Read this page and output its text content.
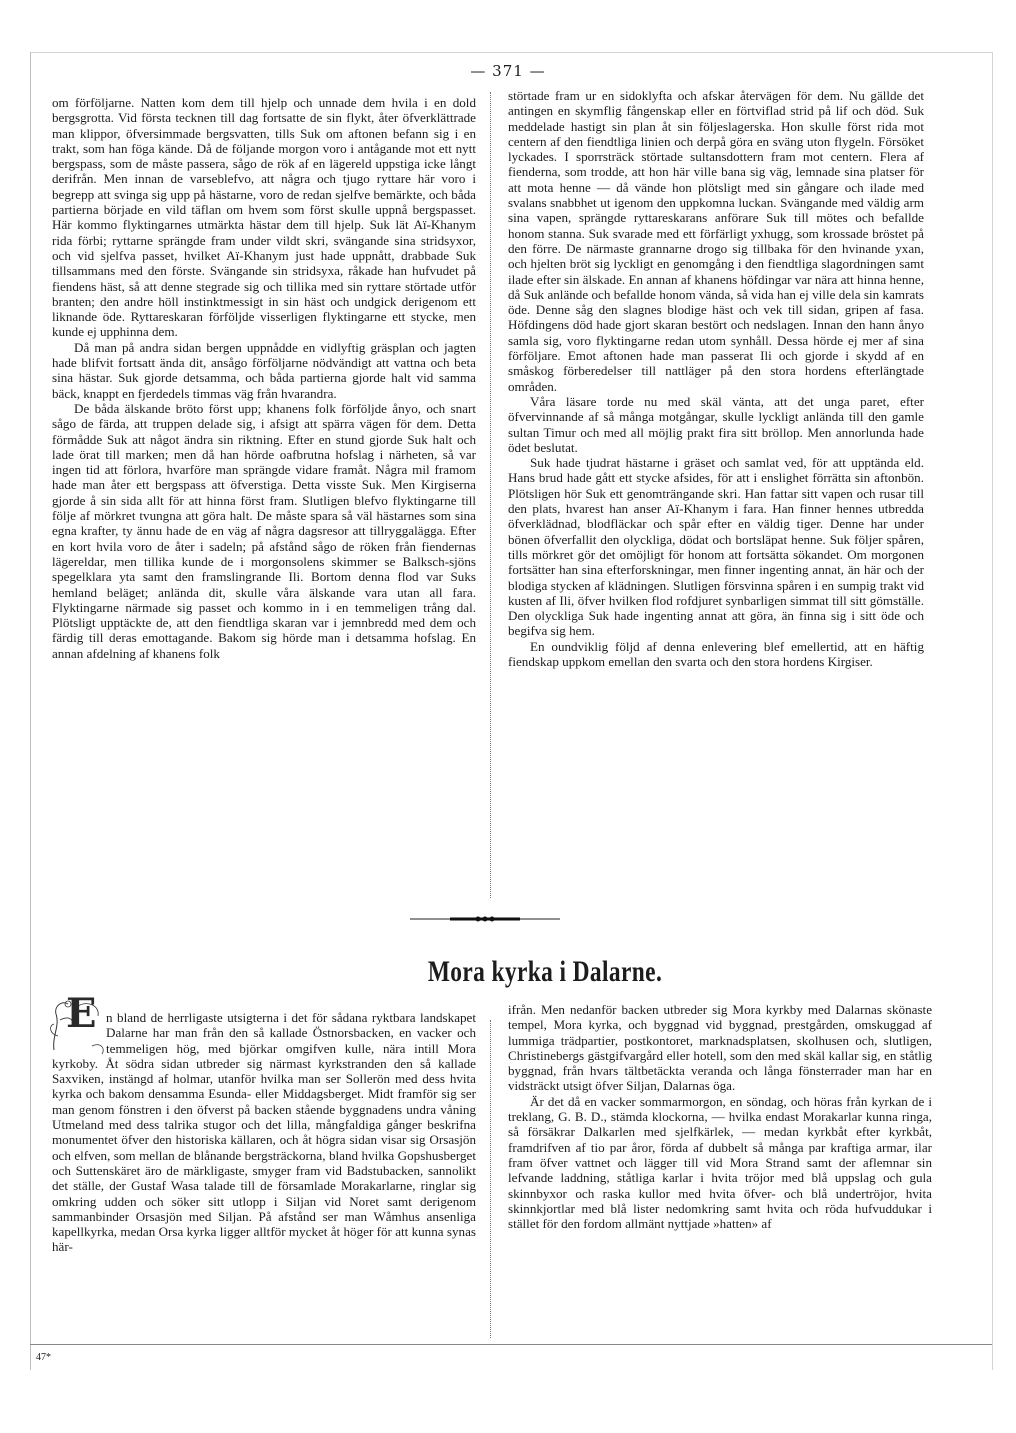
— 371 —

om förföljarne. Natten kom dem till hjelp och unnade dem hvila i en dold bergsgrotta. Vid första tecknen till dag fortsatte de sin flykt, åter öfverklättrade man klippor, öfversimmade bergsvatten, tills Suk om aftonen befann sig i en trakt, som han föga kände. Då de följande morgon voro i antågande mot ett nytt bergspass, som de måste passera, sågo de rök af en lägereld uppstiga icke långt derifrån. Men innan de varseblefvo, att några och tjugo ryttare här voro i begrepp att svinga sig upp på hästarne, voro de redan sjelfve bemärkte, och båda partierna började en vild täflan om hvem som först skulle uppnå bergspasset. Här kommo flyktingarnes utmärkta hästar dem till hjelp. Suk lät Aï-Khanym rida förbi; ryttarne sprängde fram under vildt skri, svängande sina stridsyxor, och vid sjelfva passet, hvilket Aï-Khanym just hade uppnått, drabbade Suk tillsammans med den förste. Svängande sin stridsyxa, råkade han hufvudet på fiendens häst, så att denne stegrade sig och tillika med sin ryttare störtade utför branten; den andre höll instinktmessigt in sin häst och undgick derigenom ett liknande öde. Ryttareskaran förföljde visserligen flyktingarne ett stycke, men kunde ej upphinna dem.

Då man på andra sidan bergen uppnådde en vidlyftig gräsplan och jagten hade blifvit fortsatt ända dit, ansågo förföljarne nödvändigt att vattna och beta sina hästar. Suk gjorde detsamma, och båda partierna gjorde halt vid samma bäck, knappt en fjerdedels timmas väg från hvarandra.

De båda älskande bröto först upp; khanens folk förföljde ånyo, och snart sågo de färda, att truppen delade sig, i afsigt att spärra vägen för dem. Detta förmådde Suk att något ändra sin riktning. Efter en stund gjorde Suk halt och lade örat till marken; men då han hörde oafbrutna hofslag i närheten, så var ingen tid att förlora, hvarföre man sprängde vidare framåt. Några mil framom hade man åter ett bergspass att öfverstiga. Detta visste Suk. Men Kirgiserna gjorde å sin sida allt för att hinna först fram. Slutligen blefvo flyktingarne till följe af mörkret tvungna att göra halt. De måste spara så väl hästarnes som sina egna krafter, ty ännu hade de en väg af några dagsresor att tillryggalägga. Efter en kort hvila voro de åter i sadeln; på afstånd sågo de röken från fiendernas lägereldar, men tillika kunde de i morgonsolens skimmer se Balksch-sjöns spegelklara yta samt den framslingrande Ili. Bortom denna flod var Suks hemland beläget; anlända dit, skulle våra älskande vara utan all fara. Flyktingarne närmade sig passet och kommo in i en temmeligen trång dal. Plötsligt upptäckte de, att den fiendtliga skaran var i jemnbredd med dem och färdig till deras emottagande. Bakom sig hörde man i detsamma hofslag. En annan afdelning af khanens folk

störtade fram ur en sidoklyfta och afskar återvägen för dem. Nu gällde det antingen en skymflig fångenskap eller en förtviflad strid på lif och död. Suk meddelade hastigt sin plan åt sin följeslagerska. Hon skulle först rida mot centern af den fiendtliga linien och derpå göra en sväng uton flygeln. Försöket lyckades. I sporrsträck störtade sultansdottern fram mot centern. Flera af fienderna, som trodde, att hon här ville bana sig väg, lemnade sina platser för att mota henne — då vände hon plötsligt med sin gångare och ilade med svalans snabbhet ut igenom den uppkomna luckan. Svängande med väldig arm sina vapen, sprängde ryttareskarans anförare Suk till mötes och befallde honom stanna. Suk svarade med ett förfärligt yxhugg, som krossade bröstet på den förre. De närmaste grannarne drogo sig tillbaka för den hvinande yxan, och hjelten bröt sig lyckligt en genomgång i den fiendtliga slagordningen samt ilade efter sin älskade. En annan af khanens höfdingar var nära att hinna henne, då Suk anlände och befallde honom vända, så vida han ej ville dela sin kamrats öde. Denne såg den slagnes blodige häst och vek till sidan, gripen af fasa. Höfdingens död hade gjort skaran bestört och nedslagen. Innan den hann ånyo samla sig, voro flyktingarne redan utom synhåll. Dessa hörde ej mer af sina förföljare. Emot aftonen hade man passerat Ili och gjorde i skydd af en småskog förberedelser till nattläger på den stora hordens efterlängtade områden.

Våra läsare torde nu med skäl vänta, att det unga paret, efter öfvervinnande af så många motgångar, skulle lyckligt anlända till den gamle sultan Timur och med all möjlig prakt fira sitt bröllop. Men annorlunda hade ödet beslutat.

Suk hade tjudrat hästarne i gräset och samlat ved, för att upptända eld. Hans brud hade gått ett stycke afsides, för att i enslighet förrätta sin aftonbön. Plötsligen hör Suk ett genomträngande skri. Han fattar sitt vapen och rusar till den plats, hvarest han anser Aï-Khanym i fara. Han finner hennes utbredda öfverklädnad, blodfläckar och spår efter en väldig tiger. Denne har under bönen öfverfallit den olyckliga, dödat och bortsläpat henne. Suk följer spåren, tills mörkret gör det omöjligt för honom att fortsätta sökandet. Om morgonen fortsätter han sina efterforskningar, men finner ingenting annat, än här och der blodiga stycken af klädningen. Slutligen försvinna spåren i en sumpig trakt vid kusten af Ili, öfver hvilken flod rofdjuret synbarligen simmat till sitt gömställe. Den olyckliga Suk hade ingenting annat att göra, än finna sig i sitt öde och begifva sig hem.

En oundviklig följd af denna enlevering blef emellertid, att en häftig fiendskap uppkom emellan den svarta och den stora hordens Kirgiser.

Mora kyrka i Dalarne.
E n bland de herrligaste utsigterna i det för sådana ryktbara landskapet Dalarne har man från den så kallade Östnorsbacken, en vacker och temmeligen hög, med björkar omgifven kulle, nära intill Mora kyrkoby. Åt södra sidan utbreder sig närmast kyrkstranden den så kallade Saxviken, instängd af holmar, utanför hvilka man ser Sollerön med dess hvita kyrka och bakom densamma Esunda- eller Middagsberget. Midt framför sig ser man genom fönstren i den öfverst på backen stående byggnadens undra våning Utmeland med dess talrika stugor och det lilla, mångfaldiga gånger beskrifna monumentet öfver den historiska källaren, och åt högra sidan visar sig Orsasjön och elfven, som mellan de blånande bergsträckorna, bland hvilka Gopshusberget och Suttenskäret äro de märkligaste, smyger fram vid Badstubacken, sannolikt det ställe, der Gustaf Wasa talade till de församlade Morakarlarne, ringlar sig omkring udden och söker sitt utlopp i Siljan vid Noret samt derigenom sammanbinder Orsasjön med Siljan. På afstånd ser man Wåmhus ansenliga kapellkyrka, medan Orsa kyrka ligger alltför mycket åt höger för att kunna synas här-

ifrån. Men nedanför backen utbreder sig Mora kyrkby med Dalarnas skönaste tempel, Mora kyrka, och byggnad vid byggnad, prestgården, omskuggad af lummiga trädpartier, postkontoret, marknadsplatsen, skolhusen och, slutligen, Christinebergs gästgifvargård eller hotell, som den med skäl kallar sig, en ståtlig byggnad, från hvars tältbetäckta veranda och långa fönsterrader man har en vidsträckt utsigt öfver Siljan, Dalarnas öga.

Är det då en vacker sommarmorgon, en söndag, och höras från kyrkan de i treklang, G. B. D., stämda klockorna, — hvilka endast Morakarlar kunna ringa, så försäkrar Dalkarlen med sjelfkärlek, — medan kyrkbåt efter kyrkbåt, framdrifven af tio par åror, förda af dubbelt så många par kraftiga armar, ilar fram öfver vattnet och lägger till vid Mora Strand samt der aflemnar sin lefvande laddning, ståtliga karlar i hvita tröjor med blå uppslag och gula skinnbyxor och raska kullor med hvita öfver- och blå undertröjor, hvita skinnkjortlar med blå lister nedomkring samt hvita och röda hufvuddukar i stället för den fordom allmänt nyttjade »hatten» af

47*
